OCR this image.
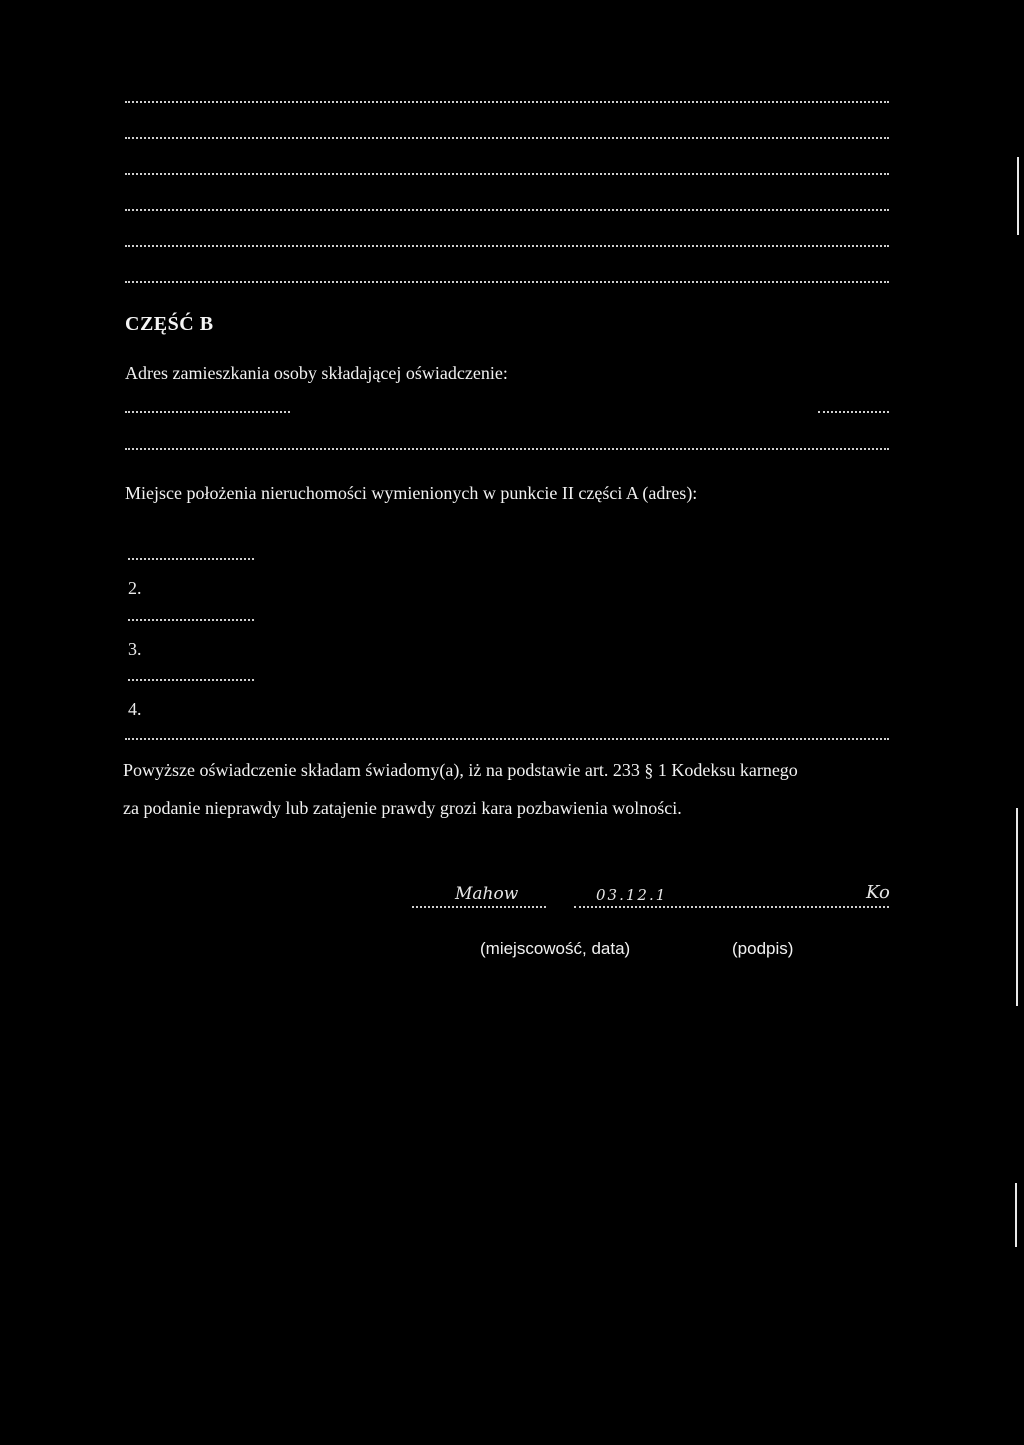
CZĘŚĆ B
Adres zamieszkania osoby składającej oświadczenie:
Miejsce położenia nieruchomości wymienionych w punkcie II części A (adres):
2.
3.
4.
Powyższe oświadczenie składam świadomy(a), iż na podstawie art. 233 § 1 Kodeksu karnego
za podanie nieprawdy lub zatajenie prawdy grozi kara pozbawienia wolności.
Mahow	03.12.1	Ko
(miejscowość, data)	(podpis)
